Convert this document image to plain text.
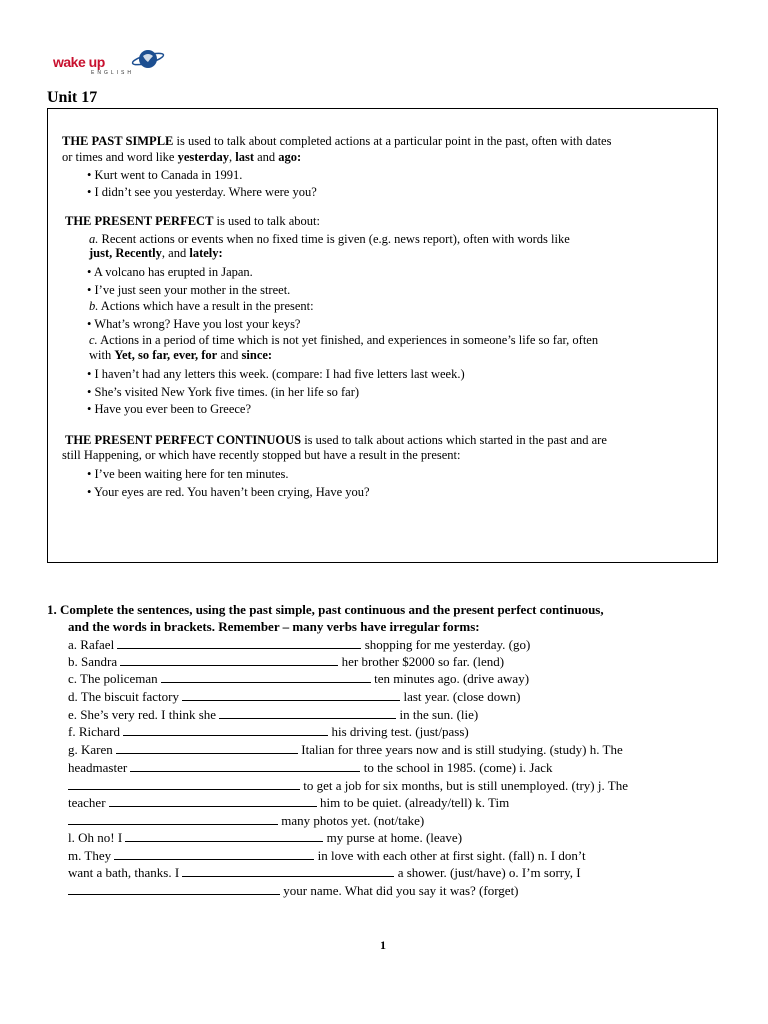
wake up
ENGLISH
Unit 17
THE PAST SIMPLE is used to talk about completed actions at a particular point in the past, often with dates
or times and word like yesterday, last and ago:
• Kurt went to Canada in 1991.
• I didn’t see you yesterday. Where were you?
THE PRESENT PERFECT is used to talk about:
a. Recent actions or events when no fixed time is given (e.g. news report), often with words like
just, Recently, and lately:
• A volcano has erupted in Japan.
• I’ve just seen your mother in the street.
b. Actions which have a result in the present:
• What’s wrong? Have you lost your keys?
c. Actions in a period of time which is not yet finished, and experiences in someone’s life so far, often
with Yet, so far, ever, for and since:
• I haven’t had any letters this week. (compare: I had five letters last week.)
• She’s visited New York five times. (in her life so far)
• Have you ever been to Greece?
THE PRESENT PERFECT CONTINUOUS is used to talk about actions which started in the past and are
still Happening, or which have recently stopped but have a result in the present:
• I’ve been waiting here for ten minutes.
• Your eyes are red. You haven’t been crying, Have you?
1. Complete the sentences, using the past simple, past continuous and the present perfect continuous,
and the words in brackets. Remember – many verbs have irregular forms:
a. Rafael	shopping for me yesterday. (go)
b. Sandra	her brother $2000 so far. (lend)
c. The policeman	ten minutes ago. (drive away)
d. The biscuit factory	last year. (close down)
e. She’s very red. I think she	in the sun. (lie)
f. Richard	his driving test. (just/pass)
g. Karen	Italian for three years now and is still studying. (study) h. The
headmaster	to the school in 1985. (come) i. Jack
to get a job for six months, but is still unemployed. (try) j. The
teacher	him to be quiet. (already/tell) k. Tim
many photos yet. (not/take)
l. Oh no! I	my purse at home. (leave)
m. They	in love with each other at first sight. (fall) n. I don’t
want a bath, thanks. I	a shower. (just/have) o. I’m sorry, I
your name. What did you say it was? (forget)
1
